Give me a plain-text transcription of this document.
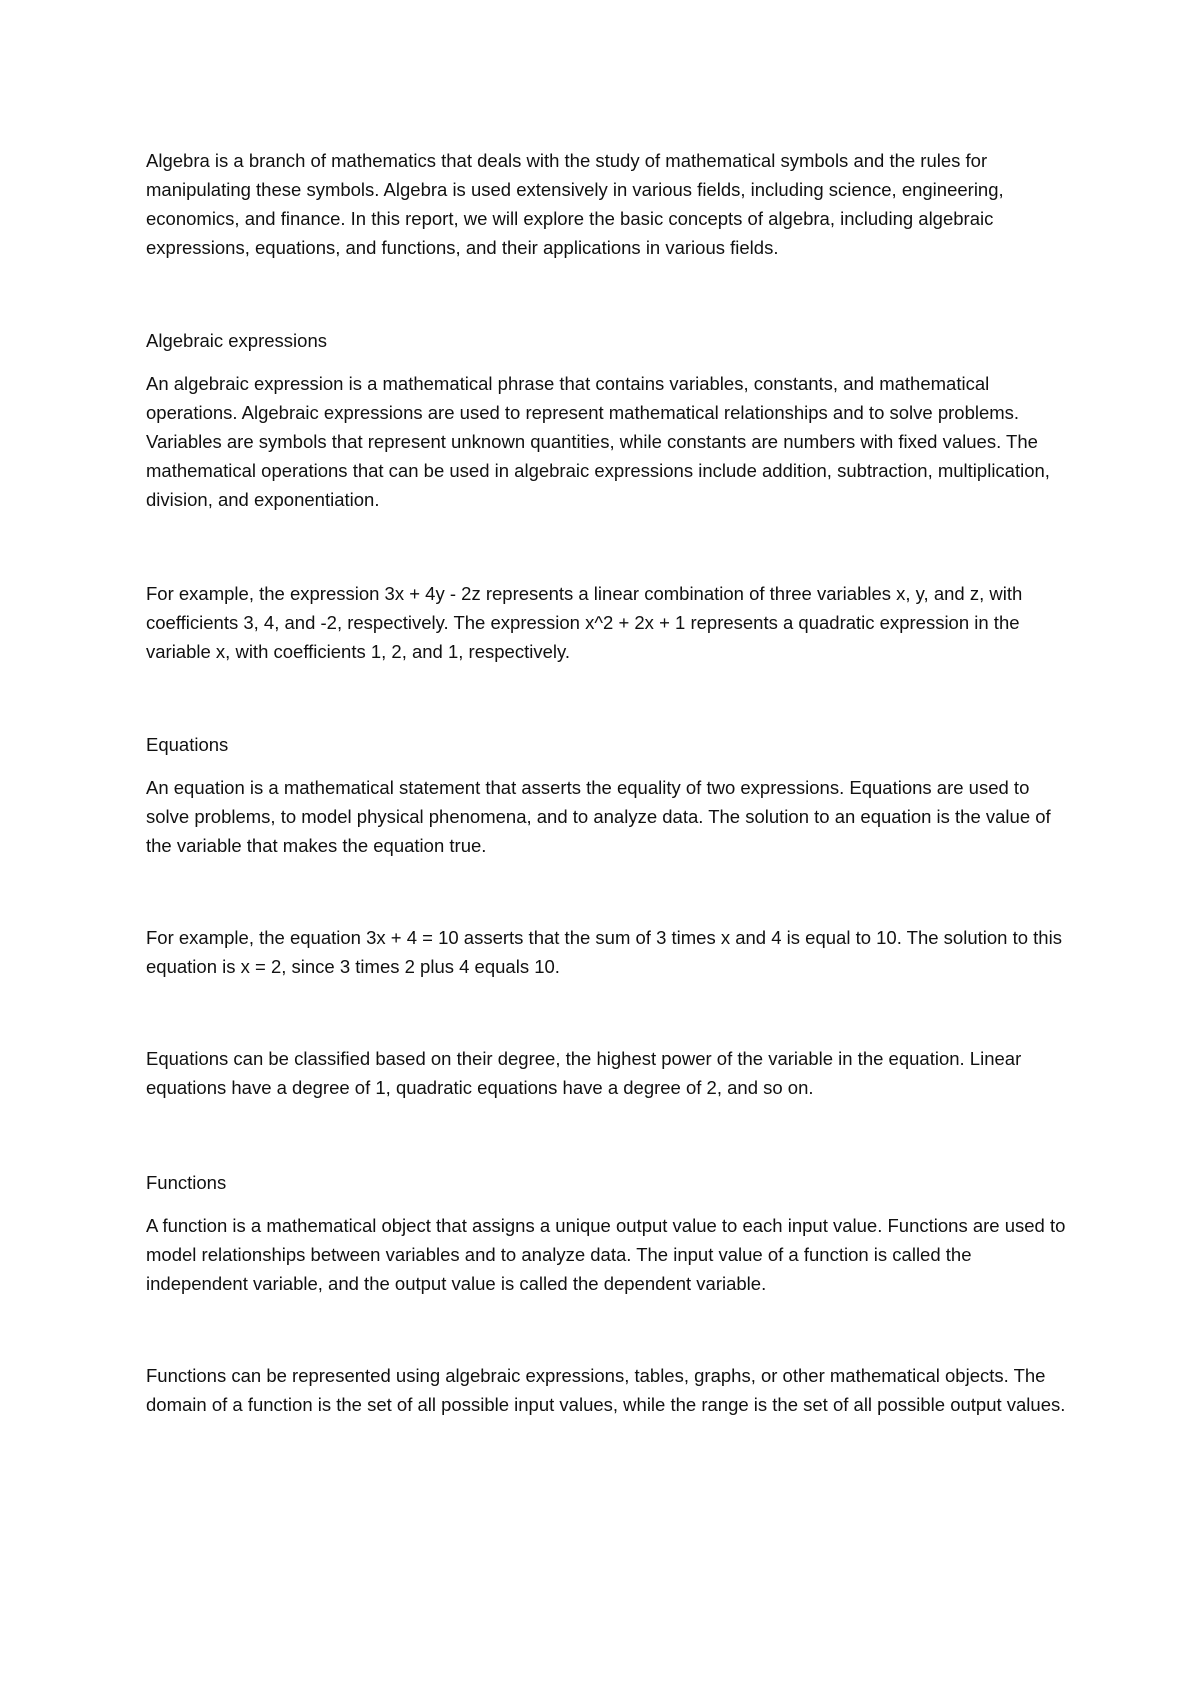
Algebra is a branch of mathematics that deals with the study of mathematical symbols and the rules for manipulating these symbols. Algebra is used extensively in various fields, including science, engineering, economics, and finance. In this report, we will explore the basic concepts of algebra, including algebraic expressions, equations, and functions, and their applications in various fields.

Algebraic expressions

An algebraic expression is a mathematical phrase that contains variables, constants, and mathematical operations. Algebraic expressions are used to represent mathematical relationships and to solve problems. Variables are symbols that represent unknown quantities, while constants are numbers with fixed values. The mathematical operations that can be used in algebraic expressions include addition, subtraction, multiplication, division, and exponentiation.

For example, the expression 3x + 4y - 2z represents a linear combination of three variables x, y, and z, with coefficients 3, 4, and -2, respectively. The expression x^2 + 2x + 1 represents a quadratic expression in the variable x, with coefficients 1, 2, and 1, respectively.

Equations

An equation is a mathematical statement that asserts the equality of two expressions. Equations are used to solve problems, to model physical phenomena, and to analyze data. The solution to an equation is the value of the variable that makes the equation true.

For example, the equation 3x + 4 = 10 asserts that the sum of 3 times x and 4 is equal to 10. The solution to this equation is x = 2, since 3 times 2 plus 4 equals 10.

Equations can be classified based on their degree, the highest power of the variable in the equation. Linear equations have a degree of 1, quadratic equations have a degree of 2, and so on.

Functions

A function is a mathematical object that assigns a unique output value to each input value. Functions are used to model relationships between variables and to analyze data. The input value of a function is called the independent variable, and the output value is called the dependent variable.

Functions can be represented using algebraic expressions, tables, graphs, or other mathematical objects. The domain of a function is the set of all possible input values, while the range is the set of all possible output values.
